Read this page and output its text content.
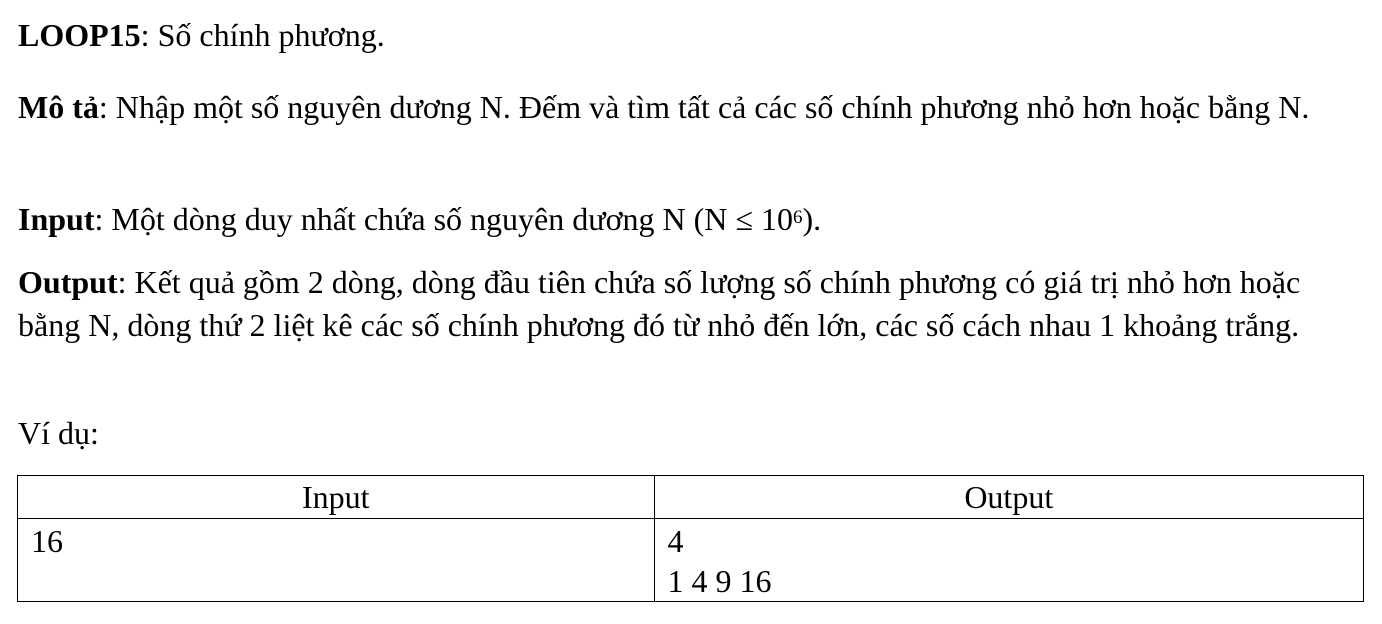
LOOP15: Số chính phương.

Mô tả: Nhập một số nguyên dương N. Đếm và tìm tất cả các số chính phương nhỏ hơn hoặc bằng N.

Input: Một dòng duy nhất chứa số nguyên dương N $(N \le 10^6)$.

Output: Kết quả gồm 2 dòng, dòng đầu tiên chứa số lượng số chính phương có giá trị nhỏ hơn hoặc bằng N, dòng thứ 2 liệt kê các số chính phương đó từ nhỏ đến lớn, các số cách nhau 1 khoảng trắng.

Ví dụ:

Input	Output
16	4
1 4 9 16
